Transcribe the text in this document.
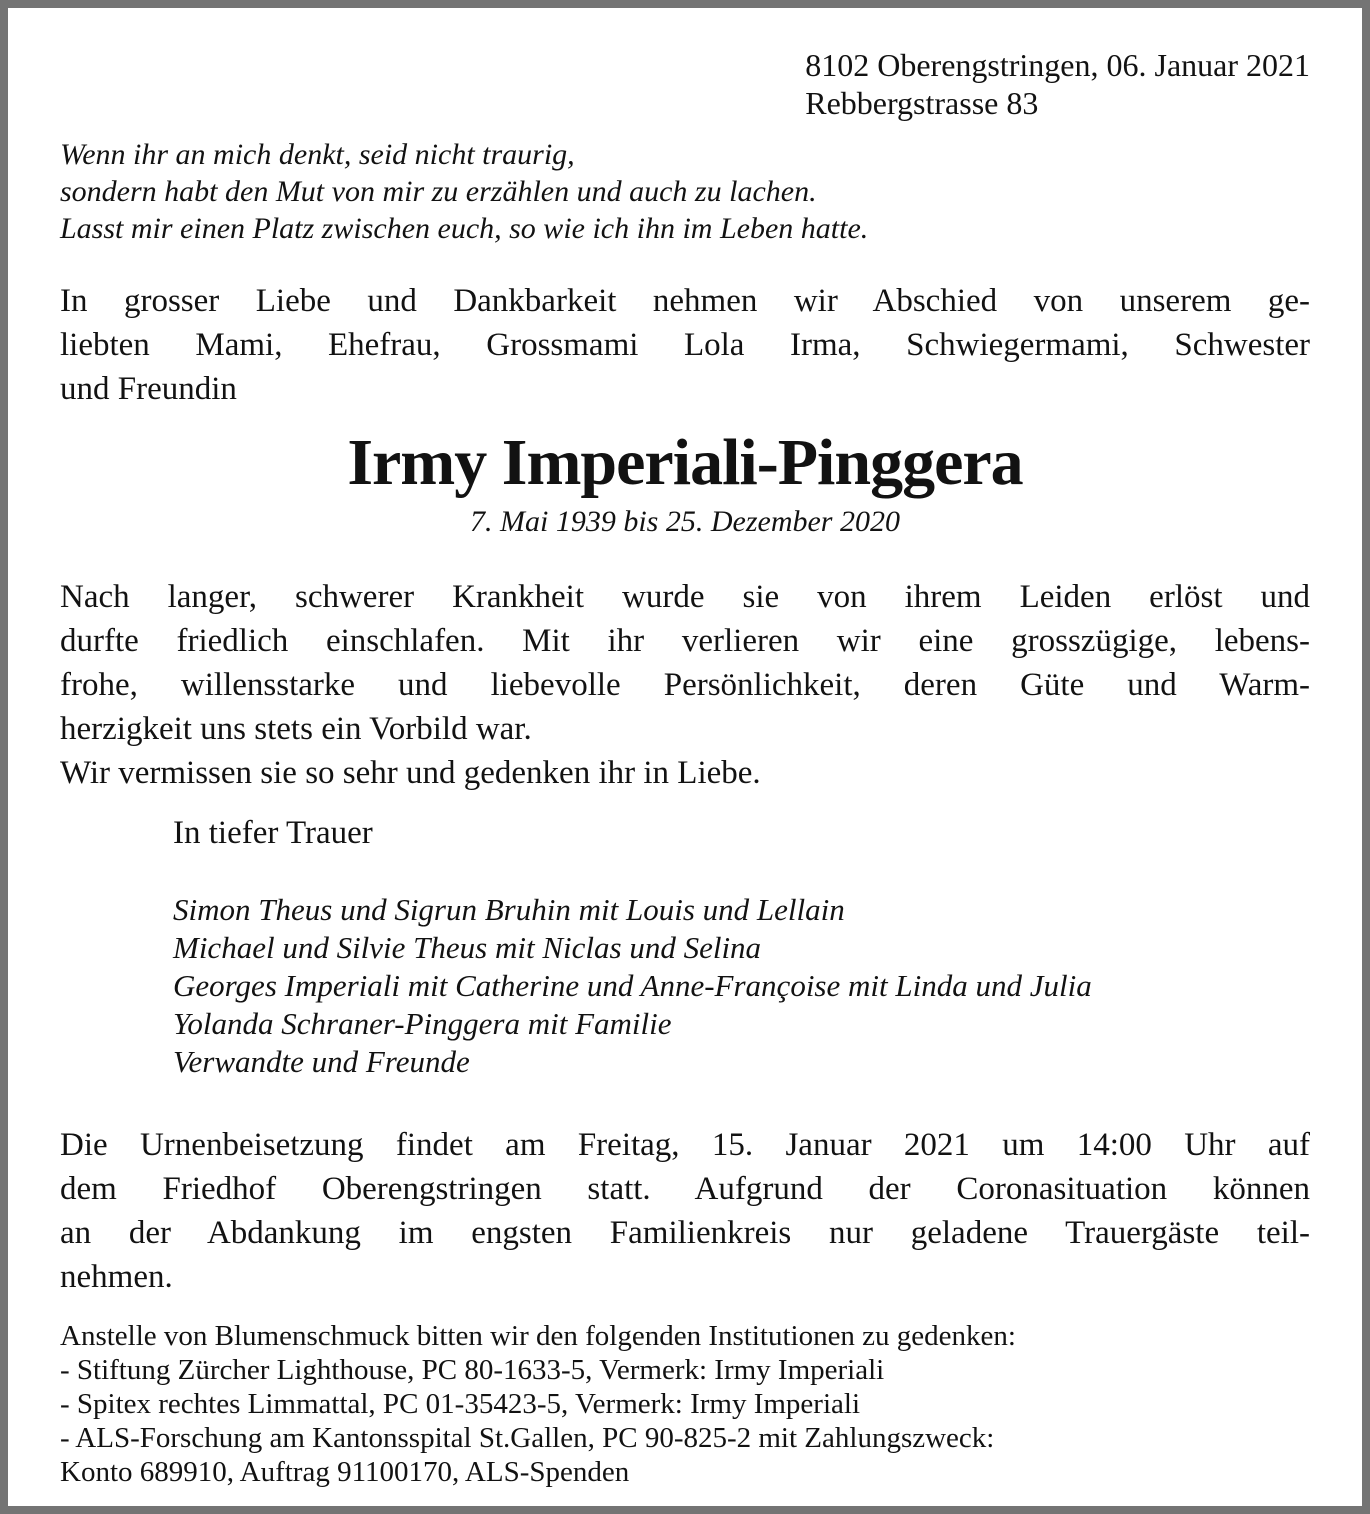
8102 Oberengstringen, 06. Januar 2021
Rebbergstrasse 83
Wenn ihr an mich denkt, seid nicht traurig,
sondern habt den Mut von mir zu erzählen und auch zu lachen.
Lasst mir einen Platz zwischen euch, so wie ich ihn im Leben hatte.
In grosser Liebe und Dankbarkeit nehmen wir Abschied von unserem ge-
liebten Mami, Ehefrau, Grossmami Lola Irma, Schwiegermami, Schwester
und Freundin
Irmy Imperiali-Pinggera
7. Mai 1939 bis 25. Dezember 2020
Nach langer, schwerer Krankheit wurde sie von ihrem Leiden erlöst und
durfte friedlich einschlafen. Mit ihr verlieren wir eine grosszügige, lebens-
frohe, willensstarke und liebevolle Persönlichkeit, deren Güte und Warm-
herzigkeit uns stets ein Vorbild war.
Wir vermissen sie so sehr und gedenken ihr in Liebe.
In tiefer Trauer
Simon Theus und Sigrun Bruhin mit Louis und Lellain
Michael und Silvie Theus mit Niclas und Selina
Georges Imperiali mit Catherine und Anne-Françoise mit Linda und Julia
Yolanda Schraner-Pinggera mit Familie
Verwandte und Freunde
Die Urnenbeisetzung findet am Freitag, 15. Januar 2021 um 14:00 Uhr auf
dem Friedhof Oberengstringen statt. Aufgrund der Coronasituation können
an der Abdankung im engsten Familienkreis nur geladene Trauergäste teil-
nehmen.
Anstelle von Blumenschmuck bitten wir den folgenden Institutionen zu gedenken:
- Stiftung Zürcher Lighthouse, PC 80-1633-5, Vermerk: Irmy Imperiali
- Spitex rechtes Limmattal, PC 01-35423-5, Vermerk: Irmy Imperiali
- ALS-Forschung am Kantonsspital St.Gallen, PC 90-825-2 mit Zahlungszweck:
Konto 689910, Auftrag 91100170, ALS-Spenden
